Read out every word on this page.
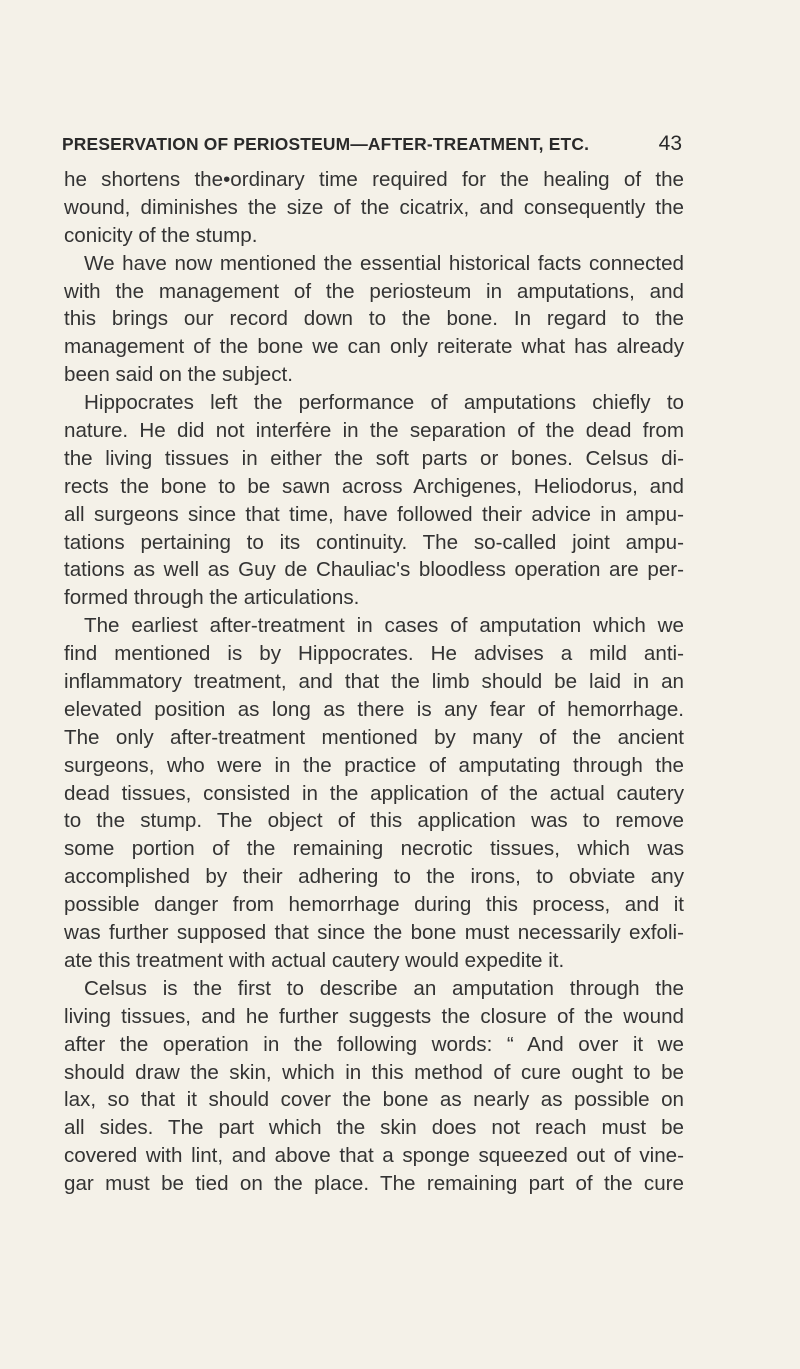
PRESERVATION OF PERIOSTEUM—AFTER-TREATMENT, ETC.	43
he shortens the•ordinary time required for the healing of the
wound, diminishes the size of the cicatrix, and consequently the
conicity of the stump.
We have now mentioned the essential historical facts connected
with the management of the periosteum in amputations, and
this brings our record down to the bone. In regard to the
management of the bone we can only reiterate what has already
been said on the subject.
Hippocrates left the performance of amputations chiefly to
nature. He did not interfėre in the separation of the dead from
the living tissues in either the soft parts or bones. Celsus di-
rects the bone to be sawn across Archigenes, Heliodorus, and
all surgeons since that time, have followed their advice in ampu-
tations pertaining to its continuity. The so-called joint ampu-
tations as well as Guy de Chauliac's bloodless operation are per-
formed through the articulations.
The earliest after-treatment in cases of amputation which we
find mentioned is by Hippocrates. He advises a mild anti-
inflammatory treatment, and that the limb should be laid in an
elevated position as long as there is any fear of hemorrhage.
The only after-treatment mentioned by many of the ancient
surgeons, who were in the practice of amputating through the
dead tissues, consisted in the application of the actual cautery
to the stump. The object of this application was to remove
some portion of the remaining necrotic tissues, which was
accomplished by their adhering to the irons, to obviate any
possible danger from hemorrhage during this process, and it
was further supposed that since the bone must necessarily exfoli-
ate this treatment with actual cautery would expedite it.
Celsus is the first to describe an amputation through the
living tissues, and he further suggests the closure of the wound
after the operation in the following words: “ And over it we
should draw the skin, which in this method of cure ought to be
lax, so that it should cover the bone as nearly as possible on
all sides. The part which the skin does not reach must be
covered with lint, and above that a sponge squeezed out of vine-
gar must be tied on the place. The remaining part of the cure
